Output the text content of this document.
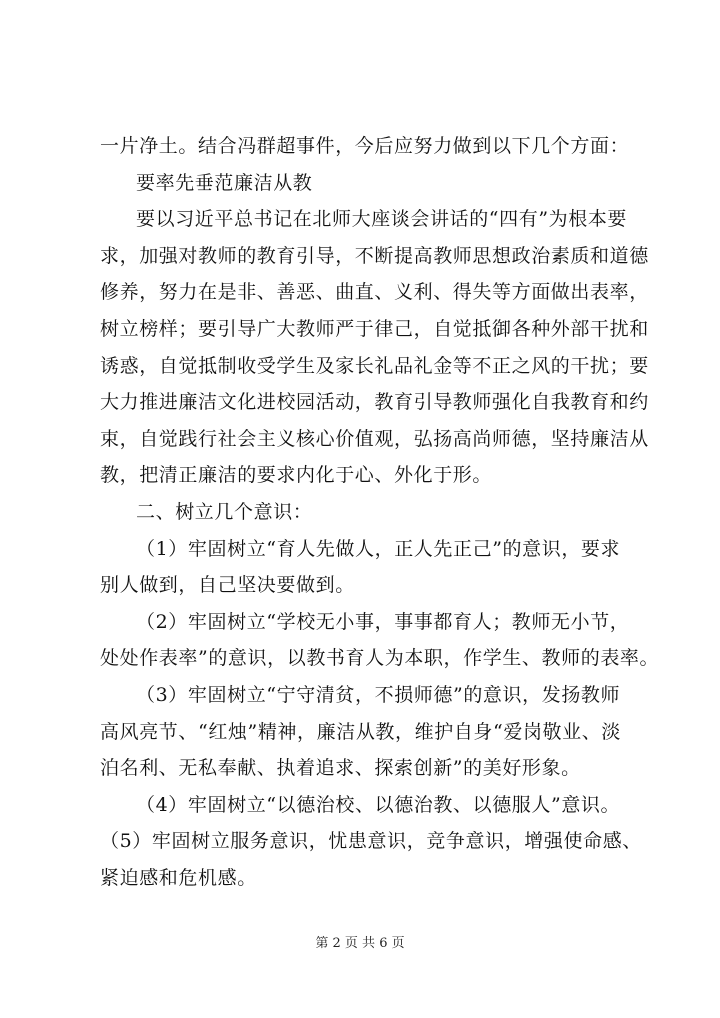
一片净土。结合冯群超事件，今后应努力做到以下几个方面：
要率先垂范廉洁从教
要以习近平总书记在北师大座谈会讲话的“四有”为根本要
求，加强对教师的教育引导，不断提高教师思想政治素质和道德
修养，努力在是非、善恶、曲直、义利、得失等方面做出表率，
树立榜样；要引导广大教师严于律己，自觉抵御各种外部干扰和
诱惑，自觉抵制收受学生及家长礼品礼金等不正之风的干扰；要
大力推进廉洁文化进校园活动，教育引导教师强化自我教育和约
束，自觉践行社会主义核心价值观，弘扬高尚师德，坚持廉洁从
教，把清正廉洁的要求内化于心、外化于形。
二、树立几个意识：
（1）牢固树立“育人先做人，正人先正己”的意识，要求
别人做到，自己坚决要做到。
（2）牢固树立“学校无小事，事事都育人；教师无小节，
处处作表率”的意识，以教书育人为本职，作学生、教师的表率。
（3）牢固树立“宁守清贫，不损师德”的意识，发扬教师
高风亮节、“红烛”精神，廉洁从教，维护自身“爱岗敬业、淡
泊名利、无私奉献、执着追求、探索创新”的美好形象。
（4）牢固树立“以德治校、以德治教、以德服人”意识。
（5）牢固树立服务意识，忧患意识，竞争意识，增强使命感、
紧迫感和危机感。
第 2 页 共 6 页
